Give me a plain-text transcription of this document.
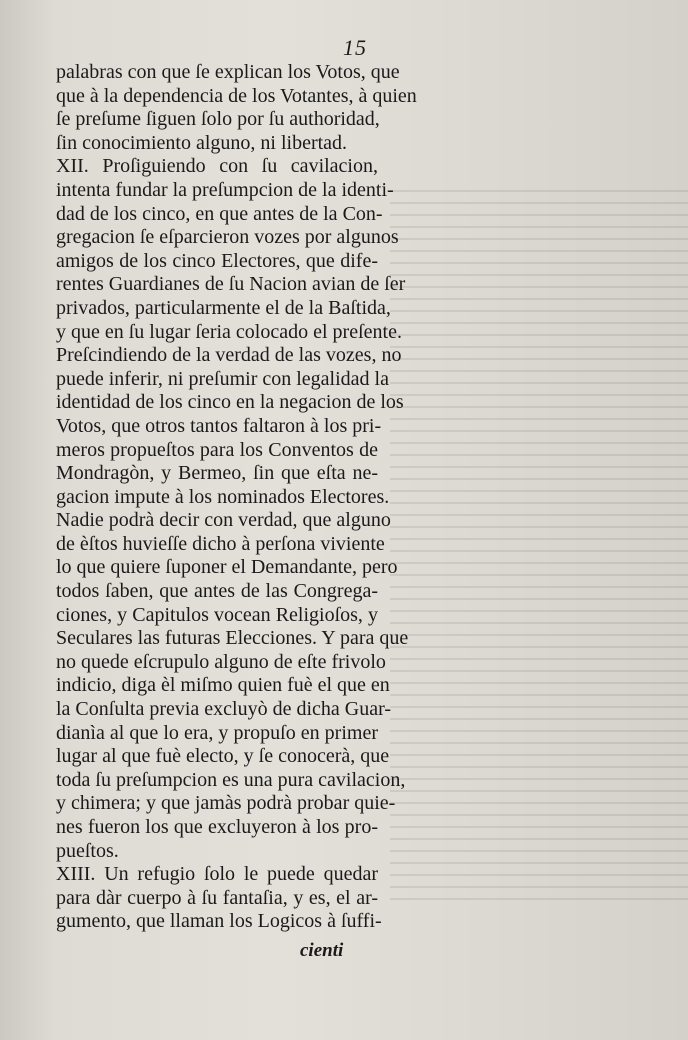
15
palabras con que ſe explican los Votos, que
que à la dependencia de los Votantes, à quien
ſe preſume ſiguen ſolo por ſu authoridad,
ſin conocimiento alguno, ni libertad.
XII. Proſiguiendo con ſu cavilacion,
intenta fundar la preſumpcion de la identi-
dad de los cinco, en que antes de la Con-
gregacion ſe eſparcieron vozes por algunos
amigos de los cinco Electores, que dife-
rentes Guardianes de ſu Nacion avian de ſer
privados, particularmente el de la Baſtida,
y que en ſu lugar ſeria colocado el preſente.
Preſcindiendo de la verdad de las vozes, no
puede inferir, ni preſumir con legalidad la
identidad de los cinco en la negacion de los
Votos, que otros tantos faltaron à los pri-
meros propueſtos para los Conventos de
Mondragòn, y Bermeo, ſin que eſta ne-
gacion impute à los nominados Electores.
Nadie podrà decir con verdad, que alguno
de èſtos huvieſſe dicho à perſona viviente
lo que quiere ſuponer el Demandante, pero
todos ſaben, que antes de las Congrega-
ciones, y Capitulos vocean Religioſos, y
Seculares las futuras Elecciones. Y para que
no quede eſcrupulo alguno de eſte frivolo
indicio, diga èl miſmo quien fuè el que en
la Conſulta previa excluyò de dicha Guar-
dianìa al que lo era, y propuſo en primer
lugar al que fuè electo, y ſe conocerà, que
toda ſu preſumpcion es una pura cavilacion,
y chimera; y que jamàs podrà probar quie-
nes fueron los que excluyeron à los pro-
pueſtos.
XIII. Un refugio ſolo le puede quedar
para dàr cuerpo à ſu fantaſia, y es, el ar-
gumento, que llaman los Logicos à ſuffi-
cienti
